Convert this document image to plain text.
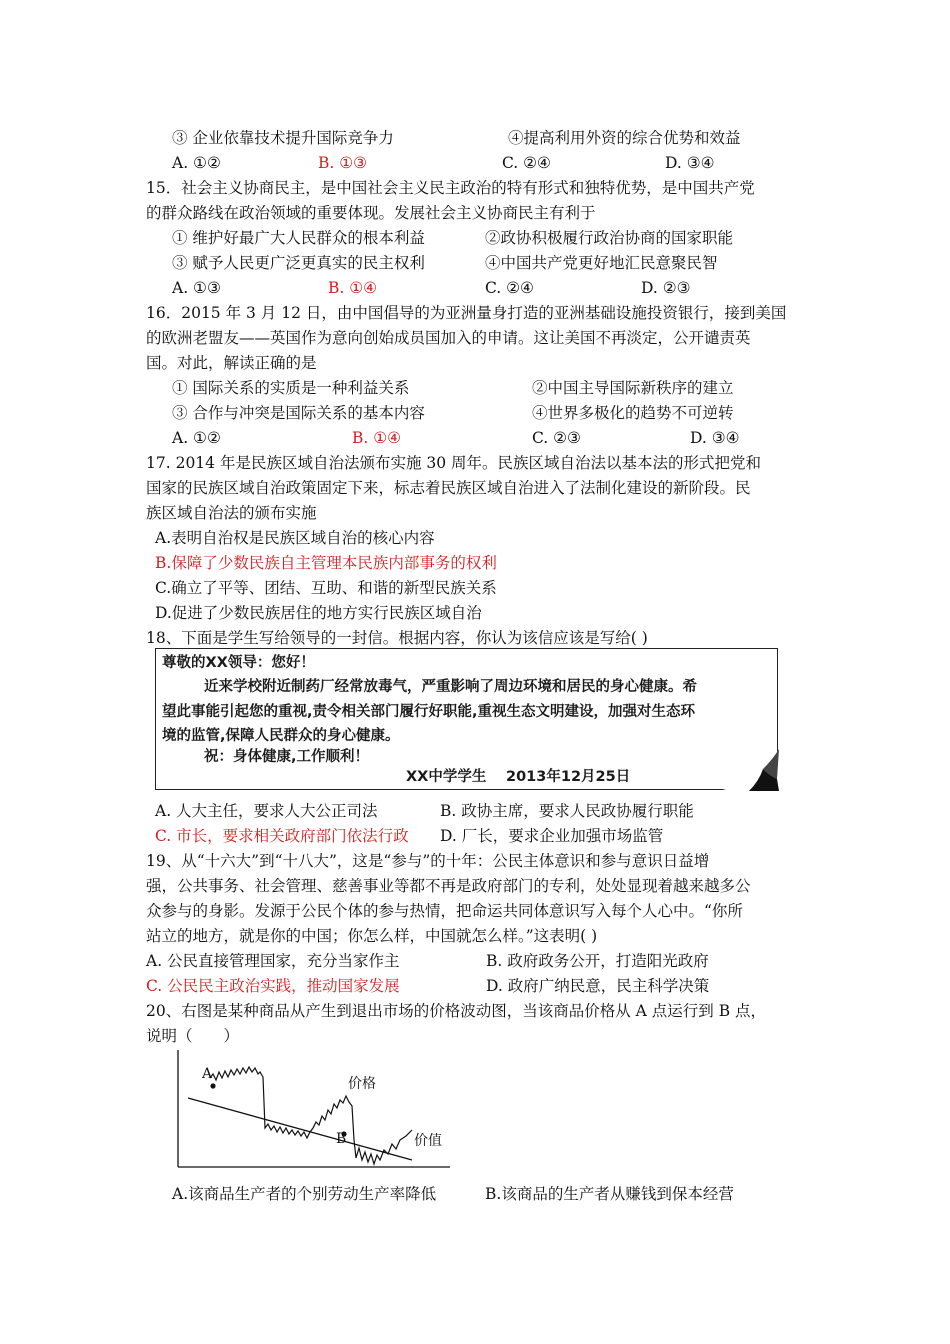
③ 企业依靠技术提升国际竞争力	④提高利用外资的综合优势和效益
A. ①②	B. ①③	C. ②④	D. ③④
15．社会主义协商民主，是中国社会主义民主政治的特有形式和独特优势，是中国共产党
的群众路线在政治领域的重要体现。发展社会主义协商民主有利于
① 维护好最广大人民群众的根本利益	②政协积极履行政治协商的国家职能
③ 赋予人民更广泛更真实的民主权利	④中国共产党更好地汇民意聚民智
A. ①③	B. ①④	C. ②④	D. ②③
16．2015 年 3 月 12 日，由中国倡导的为亚洲量身打造的亚洲基础设施投资银行，接到美国
的欧洲老盟友——英国作为意向创始成员国加入的申请。这让美国不再淡定，公开谴责英
国。对此，解读正确的是
① 国际关系的实质是一种利益关系	②中国主导国际新秩序的建立
③ 合作与冲突是国际关系的基本内容	④世界多极化的趋势不可逆转
A. ①②	B. ①④	C. ②③	D. ③④
17. 2014 年是民族区域自治法颁布实施 30 周年。民族区域自治法以基本法的形式把党和
国家的民族区域自治政策固定下来，标志着民族区域自治进入了法制化建设的新阶段。民
族区域自治法的颁布实施
A.表明自治权是民族区域自治的核心内容
B.保障了少数民族自主管理本民族内部事务的权利
C.确立了平等、团结、互助、和谐的新型民族关系
D.促进了少数民族居住的地方实行民族区域自治
18、下面是学生写给领导的一封信。根据内容，你认为该信应该是写给( )
尊敬的XX领导：您好！
近来学校附近制药厂经常放毒气，严重影响了周边环境和居民的身心健康。希
望此事能引起您的重视,责令相关部门履行好职能,重视生态文明建设，加强对生态环
境的监管,保障人民群众的身心健康。
祝：身体健康,工作顺利！
XX中学学生 2013年12月25日
A. 人大主任，要求人大公正司法	B. 政协主席，要求人民政协履行职能
C. 市长，要求相关政府部门依法行政 D. 厂长，要求企业加强市场监管
19、从“十六大”到“十八大”，这是“参与”的十年：公民主体意识和参与意识日益增
强，公共事务、社会管理、慈善事业等都不再是政府部门的专利，处处显现着越来越多公
众参与的身影。发源于公民个体的参与热情，把命运共同体意识写入每个人心中。“你所
站立的地方，就是你的中国；你怎么样，中国就怎么样。”这表明( )
A. 公民直接管理国家，充分当家作主	B. 政府政务公开，打造阳光政府
C. 公民民主政治实践，推动国家发展	D. 政府广纳民意，民主科学决策
20、右图是某种商品从产生到退出市场的价格波动图，当该商品价格从 A 点运行到 B 点，
说明（　　）
A
B
价格
价值
A.该商品生产者的个别劳动生产率降低	B.该商品的生产者从赚钱到保本经营
